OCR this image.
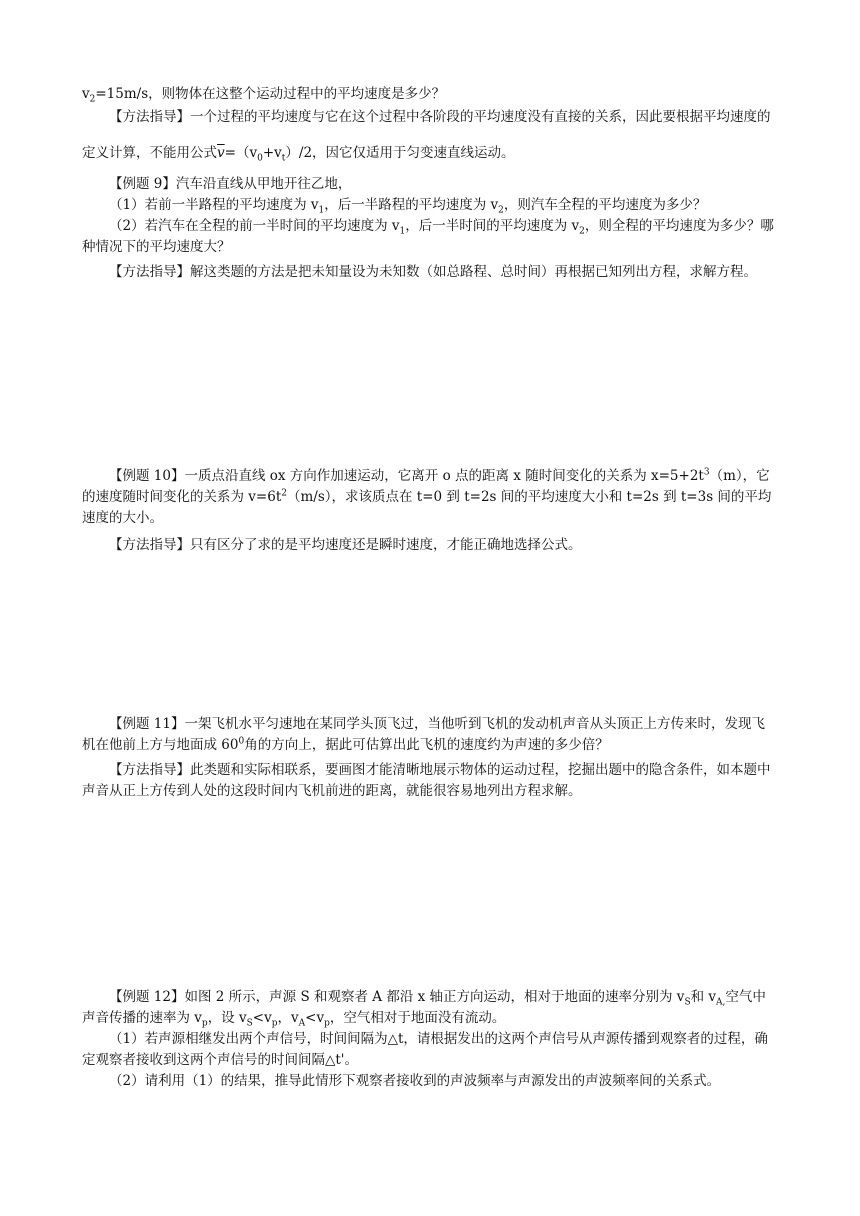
$v_2=15m/s$，则物体在这整个运动过程中的平均速度是多少？

【方法指导】一个过程的平均速度与它在这个过程中各阶段的平均速度没有直接的关系，因此要根据平均速度的定义计算，不能用公式$\overline{v}=(v_0+v_t)/2$，因它仅适用于匀变速直线运动。

【例题 9】汽车沿直线从甲地开往乙地，

（1）若前一半路程的平均速度为 $v_1$，后一半路程的平均速度为 $v_2$，则汽车全程的平均速度为多少？

（2）若汽车在全程的前一半时间的平均速度为 $v_1$，后一半时间的平均速度为 $v_2$，则全程的平均速度为多少？哪种情况下的平均速度大？

【方法指导】解这类题的方法是把未知量设为未知数（如总路程、总时间）再根据已知列出方程，求解方程。

【例题 10】一质点沿直线 ox 方向作加速运动，它离开 o 点的距离 x 随时间变化的关系为 $x=5+2t^3(m)$，它的速度随时间变化的关系为 $v=6t^2(m/s)$，求该质点在 t=0 到 t=2s 间的平均速度大小和 t=2s 到 t=3s 间的平均速度的大小。

【方法指导】只有区分了求的是平均速度还是瞬时速度，才能正确地选择公式。

【例题 11】一架飞机水平匀速地在某同学头顶飞过，当他听到飞机的发动机声音从头顶正上方传来时，发现飞机在他前上方与地面成 $60^0$角的方向上，据此可估算出此飞机的速度约为声速的多少倍？

【方法指导】此类题和实际相联系，要画图才能清晰地展示物体的运动过程，挖掘出题中的隐含条件，如本题中声音从正上方传到人处的这段时间内飞机前进的距离，就能很容易地列出方程求解。

【例题 12】如图 2 所示，声源 S 和观察者 A 都沿 x 轴正方向运动，相对于地面的速率分别为 $v_S$和 $v_{A,}$空气中声音传播的速率为 $v_p$，设 $v_S<v_p$，$v_A<v_p$，空气相对于地面没有流动。

（1）若声源相继发出两个声信号，时间间隔为△t，请根据发出的这两个声信号从声源传播到观察者的过程，确定观察者接收到这两个声信号的时间间隔△t'。

（2）请利用（1）的结果，推导此情形下观察者接收到的声波频率与声源发出的声波频率间的关系式。
